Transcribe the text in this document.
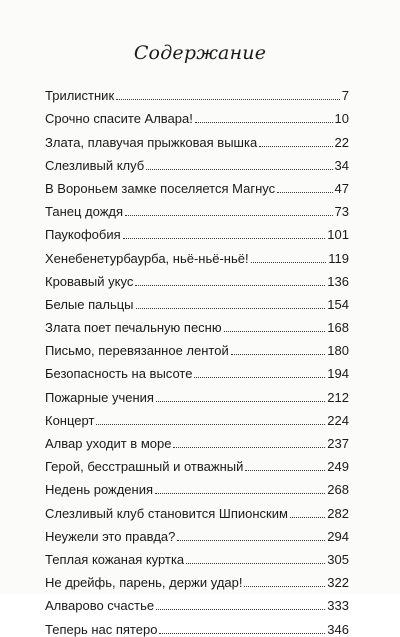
Содержание
Трилистник	7
Срочно спасите Алвара!	10
Злата, плавучая прыжковая вышка	22
Слезливый клуб	34
В Вороньем замке поселяется Магнус	47
Танец дождя	73
Паукофобия	101
Хенебенетурбаурба, ньё-ньё-ньё!	119
Кровавый укус	136
Белые пальцы	154
Злата поет печальную песню	168
Письмо, перевязанное лентой	180
Безопасность на высоте	194
Пожарные учения	212
Концерт	224
Алвар уходит в море	237
Герой, бесстрашный и отважный	249
Недень рождения	268
Слезливый клуб становится Шпионским	282
Неужели это правда?	294
Теплая кожаная куртка	305
Не дрейфь, парень, держи удар!	322
Алварово счастье	333
Теперь нас пятеро	346
